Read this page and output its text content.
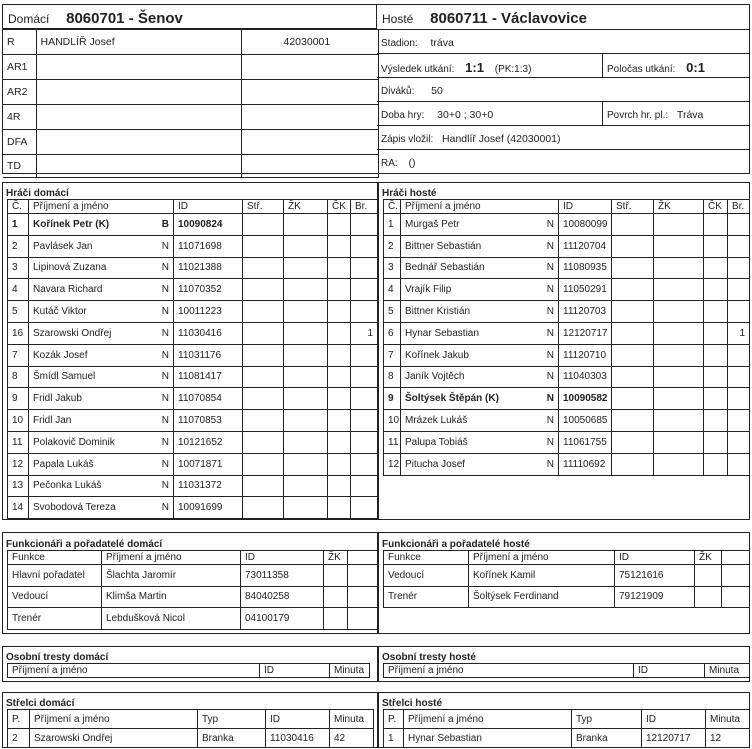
Domácí 8060701 - Šenov	Hosté 8060711 - Václavovice
R	HANDLÍŘ Josef	42030001
AR1		
AR2		
4R		
DFA		
TD		
Stadion: tráva
Výsledek utkání: 1:1 (PK:1:3)	Poločas utkání: 0:1
Diváků: 50
Doba hry: 30+0 ; 30+0	Povrch hr. pl.: Tráva
Zápis vložil: Handlíř Josef (42030001)
RA: ()
Hráči domácí
Č.	Příjmení a jméno		ID	Stř.	ŽK	ČK	Br.
1	Kořínek Petr (K)	B	10090824				
2	Pavlásek Jan	N	11071698				
3	Lipinová Zuzana	N	11021388				
4	Navara Richard	N	11070352				
5	Kutáč Viktor	N	10011223				
16	Szarowski Ondřej	N	11030416				1
7	Kozák Josef	N	11031176				
8	Šmídl Samuel	N	11081417				
9	Fridl Jakub	N	11070854				
10	Fridl Jan	N	11070853				
11	Polakovič Dominik	N	10121652				
12	Papala Lukáš	N	10071871				
13	Pečonka Lukáš	N	11031372				
14	Svobodová Tereza	N	10091699				
Hráči hosté
Č.	Příjmení a jméno		ID	Stř.	ŽK	ČK	Br.
1	Murgaš Petr	N	10080099				
2	Bittner Sebastián	N	11120704				
3	Bednář Sebastián	N	11080935				
4	Vrajík Filip	N	11050291				
5	Bittner Kristián	N	11120703				
6	Hynar Sebastian	N	12120717				1
7	Kořínek Jakub	N	11120710				
8	Janík Vojtěch	N	11040303				
9	Šoltýsek Štěpán (K)	N	10090582				
10	Mrázek Lukáš	N	10050685				
11	Palupa Tobiáš	N	11061755				
12	Pitucha Josef	N	11110692				
Funkcionáři a pořadatelé domácí
Funkce	Příjmení a jméno	ID	ŽK	
Hlavní pořadatel	Šlachta Jaromír	73011358		
Vedoucí	Klimša Martin	84040258		
Trenér	Lebdušková Nicol	04100179		
Funkcionáři a pořadatelé hosté
Funkce	Příjmení a jméno	ID	ŽK	
Vedoucí	Kořínek Kamil	75121616		
Trenér	Šoltýsek Ferdinand	79121909		
Osobní tresty domácí
Příjmení a jméno	ID	Minuta
Osobní tresty hosté
Příjmení a jméno	ID	Minuta
Střelci domácí
P.	Příjmení a jméno	Typ	ID	Minuta
2	Szarowski Ondřej	Branka	11030416	42
Střelci hosté
P.	Příjmení a jméno	Typ	ID	Minuta
1	Hynar Sebastian	Branka	12120717	12
